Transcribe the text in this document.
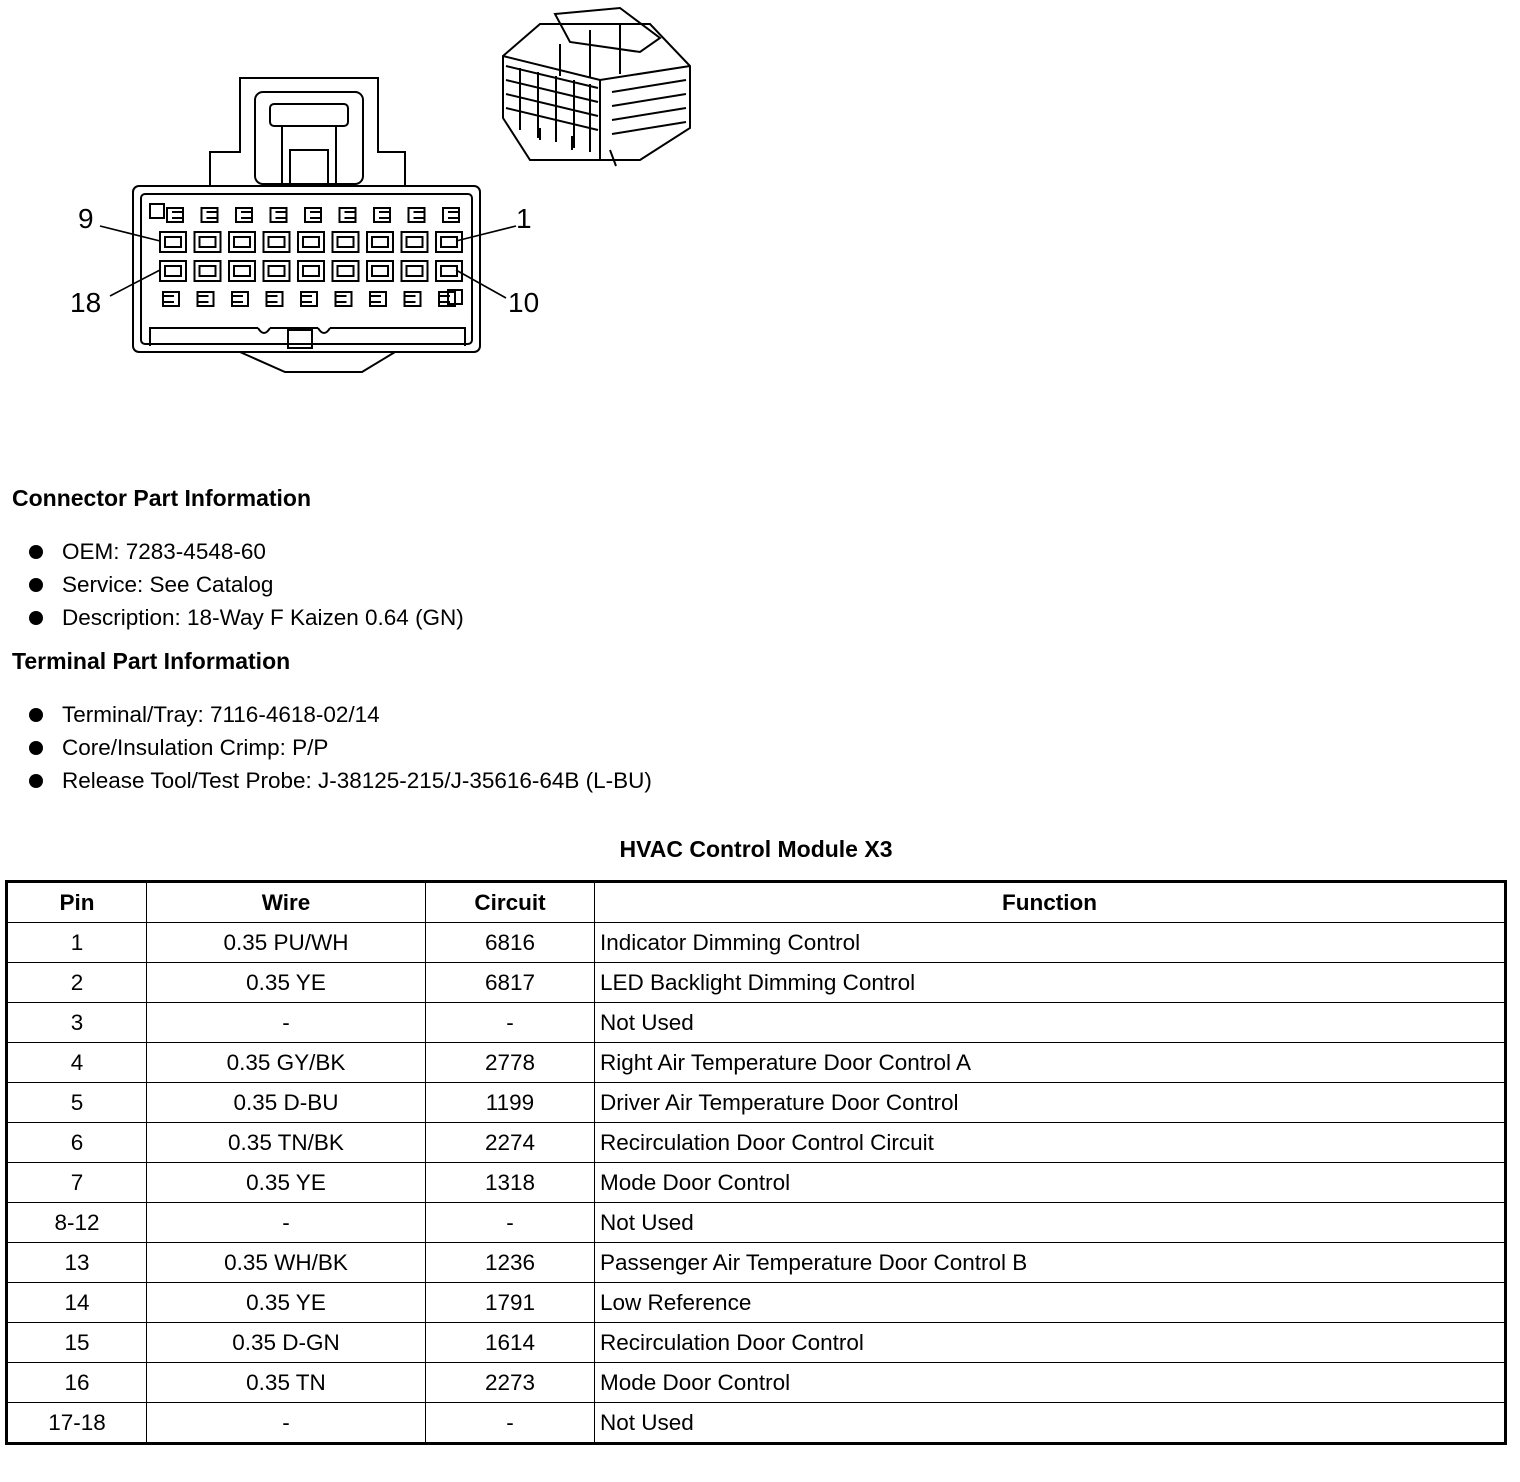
9	1
18	10
Connector Part Information
OEM: 7283-4548-60
Service: See Catalog
Description: 18-Way F Kaizen 0.64 (GN)
Terminal Part Information
Terminal/Tray: 7116-4618-02/14
Core/Insulation Crimp: P/P
Release Tool/Test Probe: J-38125-215/J-35616-64B (L-BU)
HVAC Control Module X3
Pin	Wire	Circuit	Function
1	0.35 PU/WH	6816	Indicator Dimming Control
2	0.35 YE	6817	LED Backlight Dimming Control
3	-	-	Not Used
4	0.35 GY/BK	2778	Right Air Temperature Door Control A
5	0.35 D-BU	1199	Driver Air Temperature Door Control
6	0.35 TN/BK	2274	Recirculation Door Control Circuit
7	0.35 YE	1318	Mode Door Control
8-12	-	-	Not Used
13	0.35 WH/BK	1236	Passenger Air Temperature Door Control B
14	0.35 YE	1791	Low Reference
15	0.35 D-GN	1614	Recirculation Door Control
16	0.35 TN	2273	Mode Door Control
17-18	-	-	Not Used
